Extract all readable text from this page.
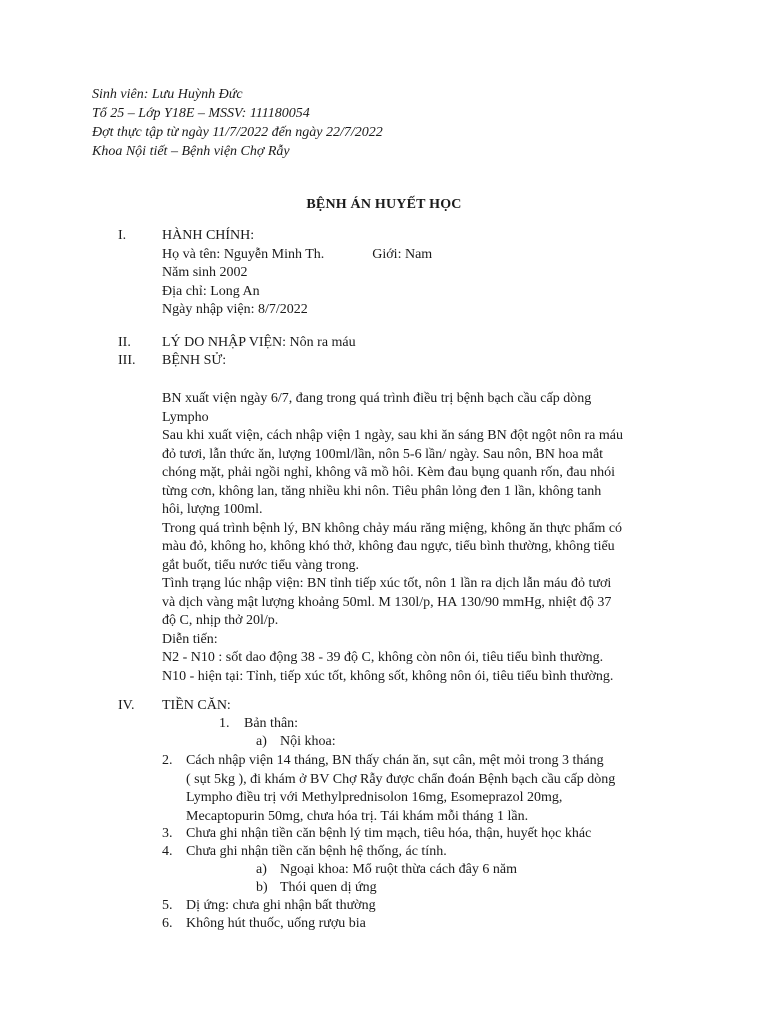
Sinh viên: Lưu Huỳnh Đức
Tổ 25 – Lớp Y18E – MSSV: 111180054
Đợt thực tập từ ngày 11/7/2022 đến ngày 22/7/2022
Khoa Nội tiết – Bệnh viện Chợ Rẫy
BỆNH ÁN HUYẾT HỌC
I.	HÀNH CHÍNH:
Họ và tên: Nguyễn Minh Th.	Giới: Nam
Năm sinh 2002
Địa chỉ: Long An
Ngày nhập viện: 8/7/2022
II. LÝ DO NHẬP VIỆN: Nôn ra máu
III. BỆNH SỬ:
BN xuất viện ngày 6/7, đang trong quá trình điều trị bệnh bạch cầu cấp dòng
Lympho
Sau khi xuất viện, cách nhập viện 1 ngày, sau khi ăn sáng BN đột ngột nôn ra máu
đỏ tươi, lẫn thức ăn, lượng 100ml/lần, nôn 5-6 lần/ ngày. Sau nôn, BN hoa mắt
chóng mặt, phải ngồi nghỉ, không vã mồ hôi. Kèm đau bụng quanh rốn, đau nhói
từng cơn, không lan, tăng nhiều khi nôn. Tiêu phân lỏng đen 1 lần, không tanh
hôi, lượng 100ml.
Trong quá trình bệnh lý, BN không chảy máu răng miệng, không ăn thực phẩm có
màu đỏ, không ho, không khó thở, không đau ngực, tiểu bình thường, không tiểu
gắt buốt, tiểu nước tiểu vàng trong.
Tình trạng lúc nhập viện: BN tỉnh tiếp xúc tốt, nôn 1 lần ra dịch lẫn máu đỏ tươi
và dịch vàng mật lượng khoảng 50ml. M 130l/p, HA 130/90 mmHg, nhiệt độ 37
độ C, nhịp thở 20l/p.
Diễn tiến:
N2 - N10 : sốt dao động 38 - 39 độ C, không còn nôn ói, tiêu tiểu bình thường.
N10 - hiện tại: Tỉnh, tiếp xúc tốt, không sốt, không nôn ói, tiêu tiểu bình thường.
IV. TIỀN CĂN:
1. Bản thân:
a) Nội khoa:
2. Cách nhập viện 14 tháng, BN thấy chán ăn, sụt cân, mệt mỏi trong 3 tháng
( sụt 5kg ), đi khám ở BV Chợ Rẫy được chẩn đoán Bệnh bạch cầu cấp dòng
Lympho điều trị với Methylprednisolon 16mg, Esomeprazol 20mg,
Mecaptopurin 50mg, chưa hóa trị. Tái khám mỗi tháng 1 lần.
3. Chưa ghi nhận tiền căn bệnh lý tim mạch, tiêu hóa, thận, huyết học khác
4. Chưa ghi nhận tiền căn bệnh hệ thống, ác tính.
a) Ngoại khoa: Mổ ruột thừa cách đây 6 năm
b) Thói quen dị ứng
5. Dị ứng: chưa ghi nhận bất thường
6. Không hút thuốc, uống rượu bia
